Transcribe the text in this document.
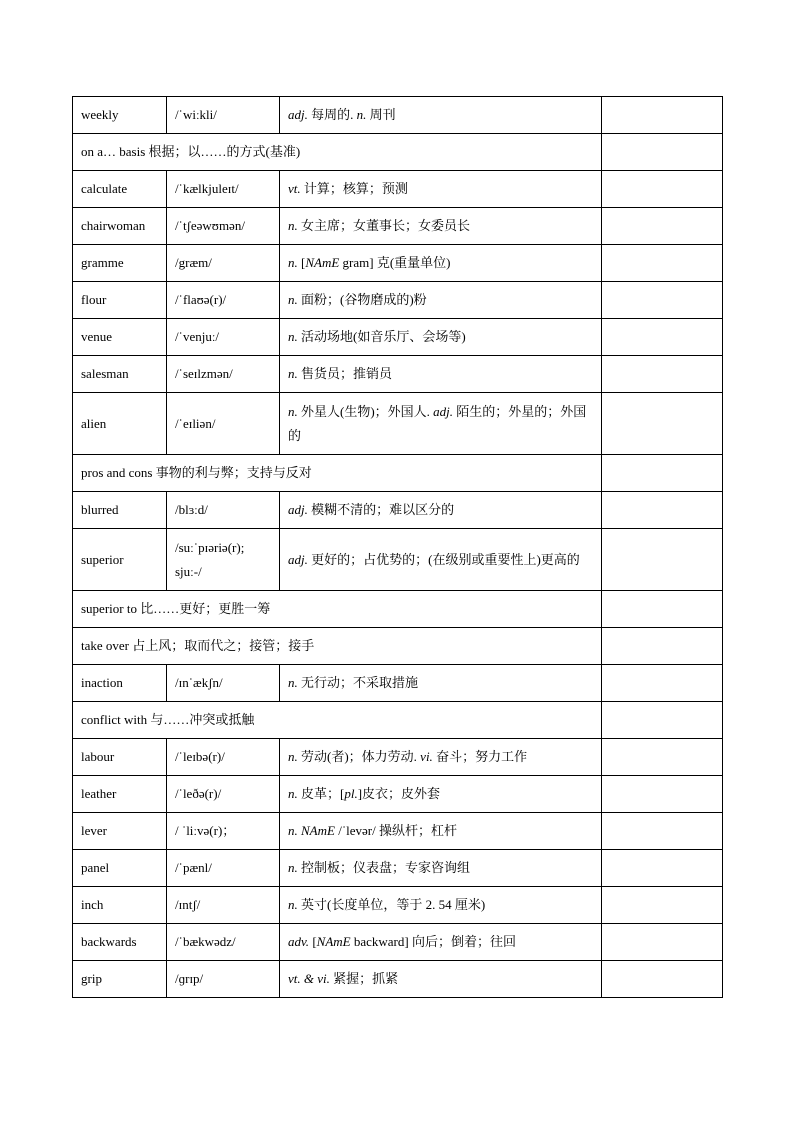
weekly	/ˈwiːkli/	adj. 每周的. n. 周刊	
on a… basis 根据；以……的方式(基准)			
calculate	/ˈkælkjuleɪt/	vt. 计算；核算；预测	
chairwoman	/ˈtʃeəwʊmən/	n. 女主席；女董事长；女委员长	
gramme	/græm/	n. [NAmE gram] 克(重量单位)	
flour	/ˈflaʊə(r)/	n. 面粉；(谷物磨成的)粉	
venue	/ˈvenjuː/	n. 活动场地(如音乐厅、会场等)	
salesman	/ˈseɪlzmən/	n. 售货员；推销员	
alien	/ˈeɪliən/	n. 外星人(生物)；外国人. adj. 陌生的；外星的；外国的	
pros and cons 事物的利与弊；支持与反对			
blurred	/blɜːd/	adj. 模糊不清的；难以区分的	
superior	/suːˈpɪəriə(r); sjuː-/	adj. 更好的；占优势的；(在级别或重要性上)更高的	
superior to 比……更好；更胜一筹			
take over 占上风；取而代之；接管；接手			
inaction	/ɪnˈækʃn/	n. 无行动；不采取措施	
conflict with 与……冲突或抵触			
labour	/ˈleɪbə(r)/	n. 劳动(者)；体力劳动. vi. 奋斗；努力工作	
leather	/ˈleðə(r)/	n. 皮革；[pl.]皮衣；皮外套	
lever	/ ˈliːvə(r)；	n. NAmE /ˈlevər/ 操纵杆；杠杆	
panel	/ˈpænl/	n. 控制板；仪表盘；专家咨询组	
inch	/ɪntʃ/	n. 英寸(长度单位，等于 2. 54 厘米)	
backwards	/ˈbækwədz/	adv. [NAmE backward] 向后；倒着；往回	
grip	/ɡrɪp/	vt. & vi. 紧握；抓紧	
